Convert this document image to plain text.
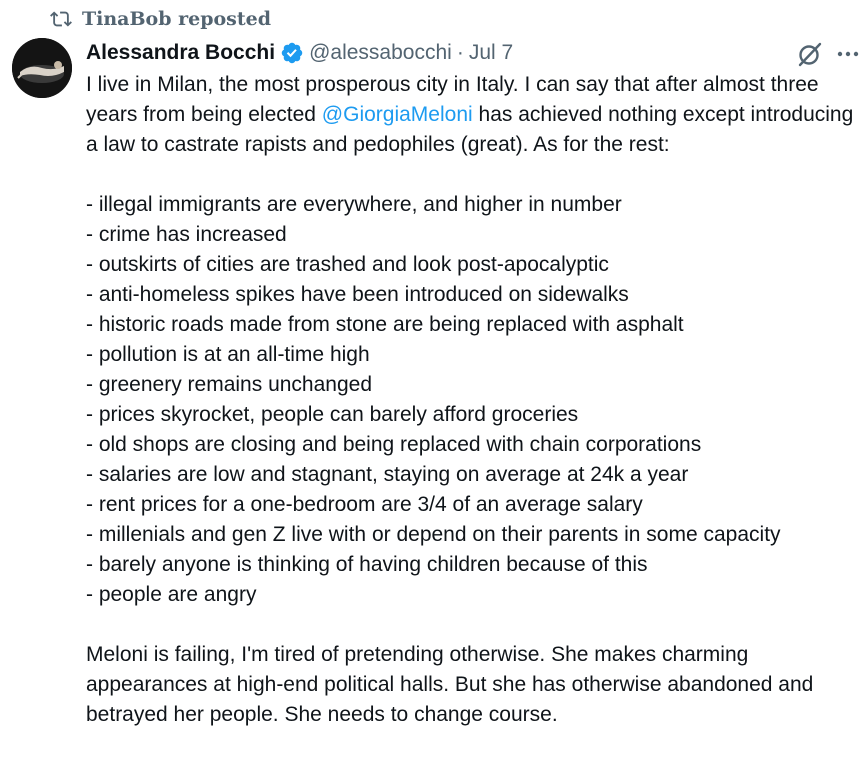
TinaBob reposted
Alessandra Bocchi @alessabocchi · Jul 7
I live in Milan, the most prosperous city in Italy. I can say that after almost three years from being elected @GiorgiaMeloni has achieved nothing except introducing a law to castrate rapists and pedophiles (great). As for the rest:
- illegal immigrants are everywhere, and higher in number
- crime has increased
- outskirts of cities are trashed and look post-apocalyptic
- anti-homeless spikes have been introduced on sidewalks
- historic roads made from stone are being replaced with asphalt
- pollution is at an all-time high
- greenery remains unchanged
- prices skyrocket, people can barely afford groceries
- old shops are closing and being replaced with chain corporations
- salaries are low and stagnant, staying on average at 24k a year
- rent prices for a one-bedroom are 3/4 of an average salary
- millenials and gen Z live with or depend on their parents in some capacity
- barely anyone is thinking of having children because of this
- people are angry
Meloni is failing, I'm tired of pretending otherwise. She makes charming appearances at high-end political halls. But she has otherwise abandoned and betrayed her people. She needs to change course.
